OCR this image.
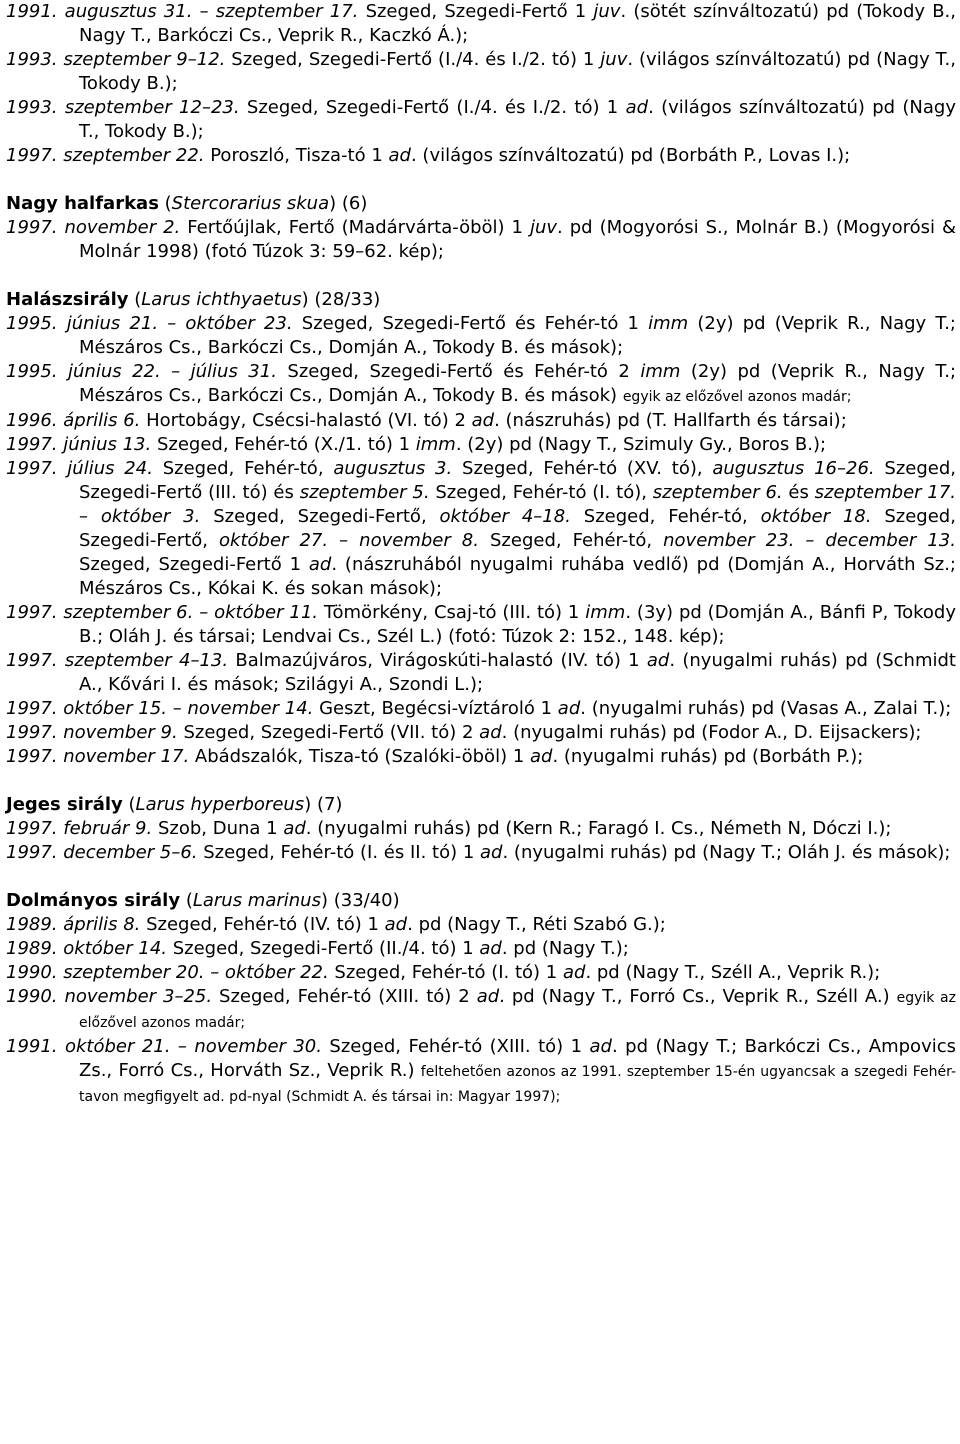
1991. augusztus 31. – szeptember 17. Szeged, Szegedi-Fertő 1 juv. (sötét színváltozatú) pd (Tokody B., Nagy T., Barkóczi Cs., Veprik R., Kaczkó Á.);
1993. szeptember 9–12. Szeged, Szegedi-Fertő (I./4. és I./2. tó) 1 juv. (világos színváltozatú) pd (Nagy T., Tokody B.);
1993. szeptember 12–23. Szeged, Szegedi-Fertő (I./4. és I./2. tó) 1 ad. (világos színváltozatú) pd (Nagy T., Tokody B.);
1997. szeptember 22. Poroszló, Tisza-tó 1 ad. (világos színváltozatú) pd (Borbáth P., Lovas I.);
Nagy halfarkas (Stercorarius skua) (6)
1997. november 2. Fertőújlak, Fertő (Madárvárta-öböl) 1 juv. pd (Mogyorósi S., Molnár B.) (Mogyorósi & Molnár 1998) (fotó Túzok 3: 59–62. kép);
Halászsirály (Larus ichthyaetus) (28/33)
1995. június 21. – október 23. Szeged, Szegedi-Fertő és Fehér-tó 1 imm (2y) pd (Veprik R., Nagy T.; Mészáros Cs., Barkóczi Cs., Domján A., Tokody B. és mások);
1995. június 22. – július 31. Szeged, Szegedi-Fertő és Fehér-tó 2 imm (2y) pd (Veprik R., Nagy T.; Mészáros Cs., Barkóczi Cs., Domján A., Tokody B. és mások) egyik az előzővel azonos madár;
1996. április 6. Hortobágy, Csécsi-halastó (VI. tó) 2 ad. (nászruhás) pd (T. Hallfarth és társai);
1997. június 13. Szeged, Fehér-tó (X./1. tó) 1 imm. (2y) pd (Nagy T., Szimuly Gy., Boros B.);
1997. július 24. Szeged, Fehér-tó, augusztus 3. Szeged, Fehér-tó (XV. tó), augusztus 16–26. Szeged, Szegedi-Fertő (III. tó) és szeptember 5. Szeged, Fehér-tó (I. tó), szeptember 6. és szeptember 17. – október 3. Szeged, Szegedi-Fertő, október 4–18. Szeged, Fehér-tó, október 18. Szeged, Szegedi-Fertő, október 27. – november 8. Szeged, Fehér-tó, november 23. – december 13. Szeged, Szegedi-Fertő 1 ad. (nászruhából nyugalmi ruhába vedlő) pd (Domján A., Horváth Sz.; Mészáros Cs., Kókai K. és sokan mások);
1997. szeptember 6. – október 11. Tömörkény, Csaj-tó (III. tó) 1 imm. (3y) pd (Domján A., Bánfi P, Tokody B.; Oláh J. és társai; Lendvai Cs., Szél L.) (fotó: Túzok 2: 152., 148. kép);
1997. szeptember 4–13. Balmazújváros, Virágoskúti-halastó (IV. tó) 1 ad. (nyugalmi ruhás) pd (Schmidt A., Kővári I. és mások; Szilágyi A., Szondi L.);
1997. október 15. – november 14. Geszt, Begécsi-víztároló 1 ad. (nyugalmi ruhás) pd (Vasas A., Zalai T.);
1997. november 9. Szeged, Szegedi-Fertő (VII. tó) 2 ad. (nyugalmi ruhás) pd (Fodor A., D. Eijsackers);
1997. november 17. Abádszalók, Tisza-tó (Szalóki-öböl) 1 ad. (nyugalmi ruhás) pd (Borbáth P.);
Jeges sirály (Larus hyperboreus) (7)
1997. február 9. Szob, Duna 1 ad. (nyugalmi ruhás) pd (Kern R.; Faragó I. Cs., Németh N, Dóczi I.);
1997. december 5–6. Szeged, Fehér-tó (I. és II. tó) 1 ad. (nyugalmi ruhás) pd (Nagy T.; Oláh J. és mások);
Dolmányos sirály (Larus marinus) (33/40)
1989. április 8. Szeged, Fehér-tó (IV. tó) 1 ad. pd (Nagy T., Réti Szabó G.);
1989. október 14. Szeged, Szegedi-Fertő (II./4. tó) 1 ad. pd (Nagy T.);
1990. szeptember 20. – október 22. Szeged, Fehér-tó (I. tó) 1 ad. pd (Nagy T., Széll A., Veprik R.);
1990. november 3–25. Szeged, Fehér-tó (XIII. tó) 2 ad. pd (Nagy T., Forró Cs., Veprik R., Széll A.) egyik az előzővel azonos madár;
1991. október 21. – november 30. Szeged, Fehér-tó (XIII. tó) 1 ad. pd (Nagy T.; Barkóczi Cs., Ampovics Zs., Forró Cs., Horváth Sz., Veprik R.) feltehetően azonos az 1991. szeptember 15-én ugyancsak a szegedi Fehér-tavon megfigyelt ad. pd-nyal (Schmidt A. és társai in: Magyar 1997);
